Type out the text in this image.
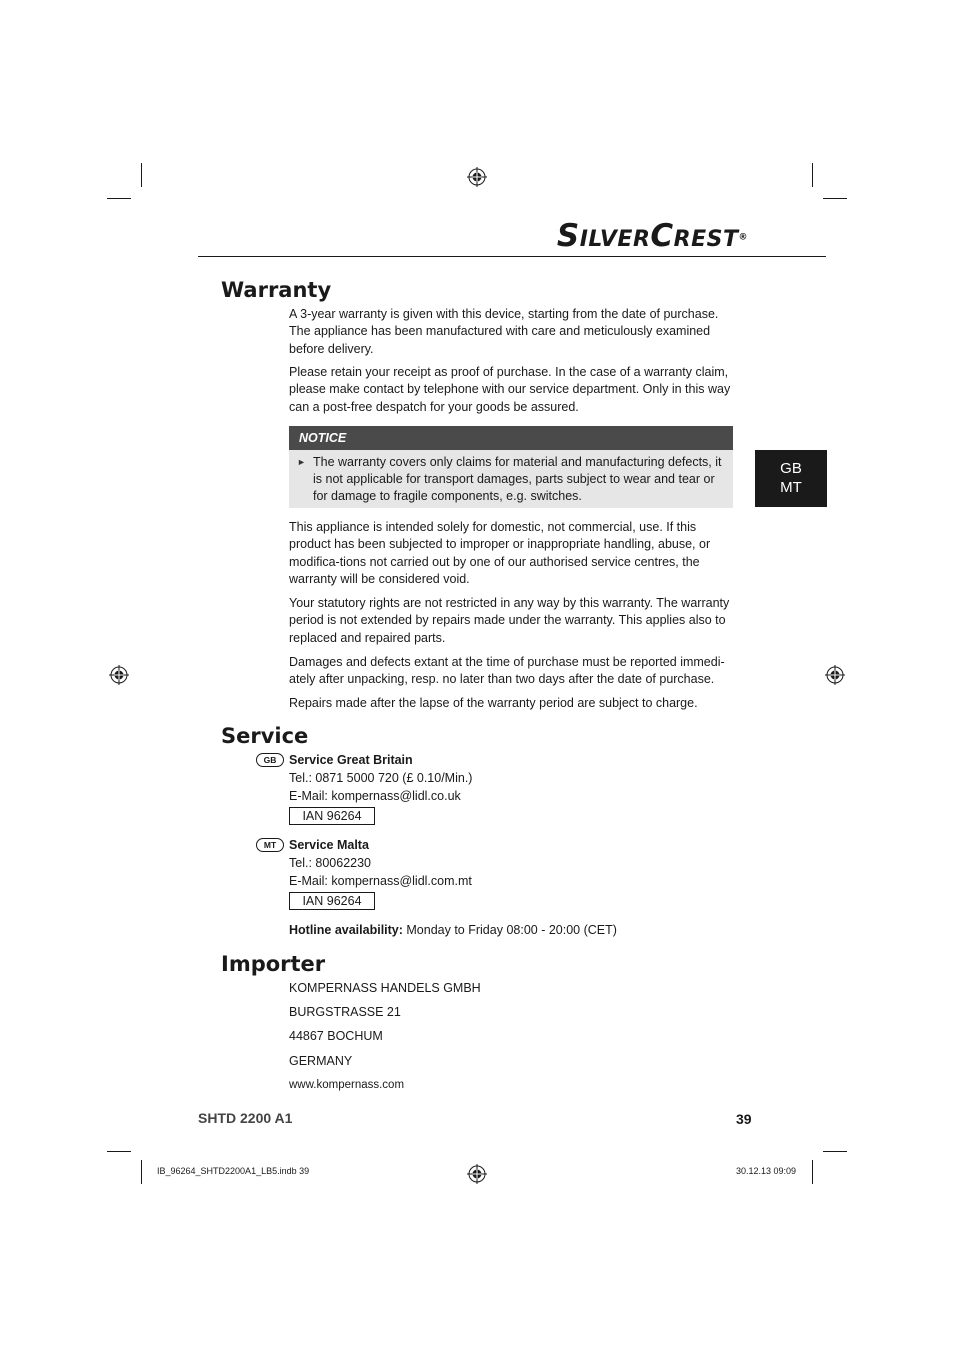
SILVERCREST®
GB
MT
Warranty

A 3-year warranty is given with this device, starting from the date of purchase. The appliance has been manufactured with care and meticulously examined before delivery.

Please retain your receipt as proof of purchase. In the case of a warranty claim, please make contact by telephone with our service department. Only in this way can a post-free despatch for your goods be assured.

NOTICE
► The warranty covers only claims for material and manufacturing defects, it is not applicable for transport damages, parts subject to wear and tear or for damage to fragile components, e.g. switches.

This appliance is intended solely for domestic, not commercial, use. If this product has been subjected to improper or inappropriate handling, abuse, or modifica-tions not carried out by one of our authorised service centres, the warranty will be considered void.

Your statutory rights are not restricted in any way by this warranty. The warranty period is not extended by repairs made under the warranty. This applies also to replaced and repaired parts.

Damages and defects extant at the time of purchase must be reported immedi-ately after unpacking, resp. no later than two days after the date of purchase.

Repairs made after the lapse of the warranty period are subject to charge.

Service
GB	Service Great Britain
Tel.: 0871 5000 720 (£ 0.10/Min.)
E-Mail: kompernass@lidl.co.uk
IAN 96264
MT	Service Malta
Tel.: 80062230
E-Mail: kompernass@lidl.com.mt
IAN 96264
Hotline availability: Monday to Friday 08:00 - 20:00 (CET)
Importer
KOMPERNASS HANDELS GMBH
BURGSTRASSE 21
44867 BOCHUM
GERMANY
www.kompernass.com
SHTD 2200 A1	39
IB_96264_SHTD2200A1_LB5.indb 39	30.12.13 09:09
